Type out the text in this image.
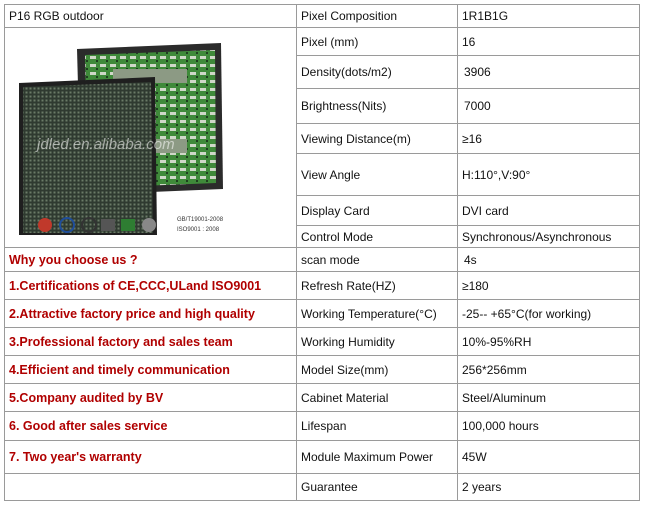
P16 RGB outdoor	Pixel Composition	1R1B1G

jdled.en.alibaba.com
GB/T19001-2008
ISO9001 : 2008	Pixel (mm)	16
	Density(dots/m2)	3906
	Brightness(Nits)	7000
	Viewing Distance(m)	≥16
	View Angle	H:110°,V:90°
	Display Card	DVI card
	Control Mode	Synchronous/Asynchronous
Why you choose us ?	scan mode	4s
1.Certifications of CE,CCC,ULand ISO9001	Refresh Rate(HZ)	≥180
2.Attractive factory price and high quality	Working Temperature(°C)	-25-- +65°C(for working)
3.Professional factory and sales team	Working Humidity	10%-95%RH
4.Efficient and timely communication	Model Size(mm)	256*256mm
5.Company audited by BV	Cabinet Material	Steel/Aluminum
6. Good after sales service	Lifespan	100,000 hours
7. Two year's warranty	Module Maximum Power	45W
	Guarantee	2 years
